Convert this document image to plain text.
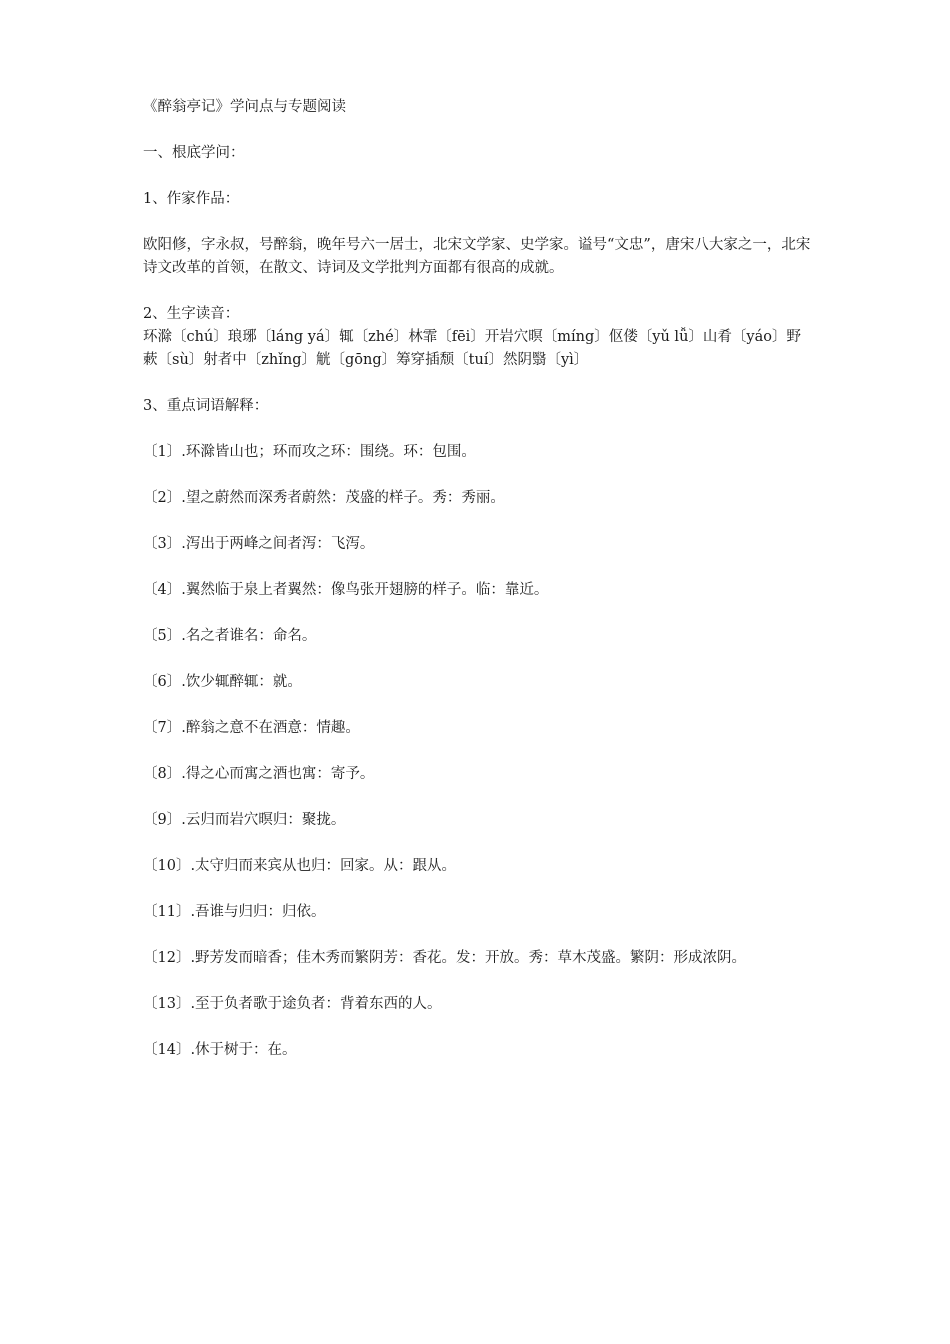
《醉翁亭记》学问点与专题阅读

一、根底学问：

1、作家作品：

欧阳修，字永叔，号醉翁，晚年号六一居士，北宋文学家、史学家。谥号“文忠”，唐宋八大家之一，北宋诗文改革的首领，在散文、诗词及文学批判方面都有很高的成就。

2、生字读音：

环滁〔chú〕琅琊〔láng yá〕辄〔zhé〕林霏〔fēi〕开岩穴暝〔míng〕伛偻〔yǔ lǚ〕山肴〔yáo〕野蔌〔sù〕射者中〔zhǐng〕觥〔gōng〕筹穿插颓〔tuí〕然阴翳〔yì〕

3、重点词语解释：

〔1〕.环滁皆山也；环而攻之环：围绕。环：包围。

〔2〕.望之蔚然而深秀者蔚然：茂盛的样子。秀：秀丽。

〔3〕.泻出于两峰之间者泻：飞泻。

〔4〕.翼然临于泉上者翼然：像鸟张开翅膀的样子。临：靠近。

〔5〕.名之者谁名：命名。

〔6〕.饮少辄醉辄：就。

〔7〕.醉翁之意不在酒意：情趣。

〔8〕.得之心而寓之酒也寓：寄予。

〔9〕.云归而岩穴暝归：聚拢。

〔10〕.太守归而来宾从也归：回家。从：跟从。

〔11〕.吾谁与归归：归依。

〔12〕.野芳发而暗香；佳木秀而繁阴芳：香花。发：开放。秀：草木茂盛。繁阴：形成浓阴。

〔13〕.至于负者歌于途负者：背着东西的人。

〔14〕.休于树于：在。
